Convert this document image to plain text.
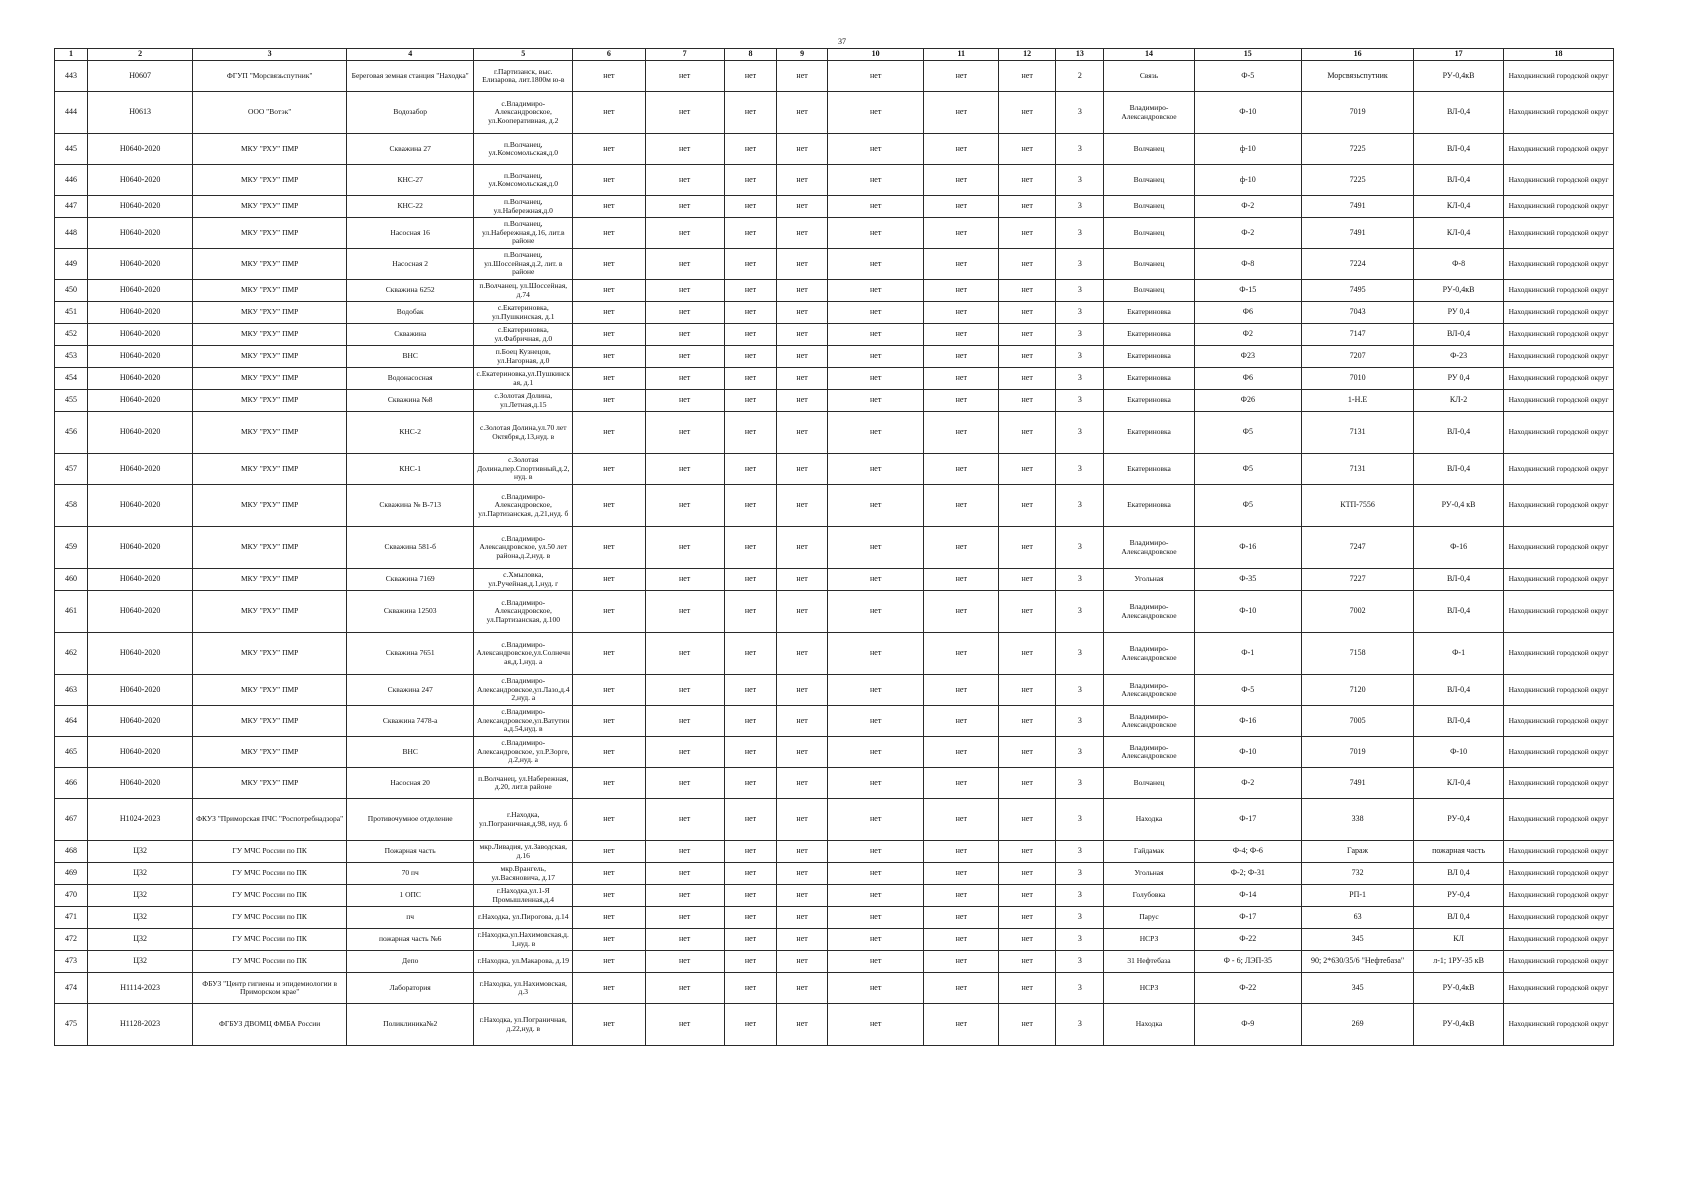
37
1	2	3	4	5	6	7	8	9	10	11	12	13	14	15	16	17	18
443	Н0607	ФГУП "Морсвязьспутник"	Береговая земная станция "Находка"	г.Партизанск, выс. Елизарова, лит.1800м ю-в	нет	нет	нет	нет	нет	нет	нет	2	Связь	Ф-5	Морсвязьспутник	РУ-0,4кВ	Находкинский городской округ
444	Н0613	ООО "Вотэк"	Водозабор	с.Владимиро-Александровское, ул.Кооперативная, д.2	нет	нет	нет	нет	нет	нет	нет	3	Владимиро-Александровское	Ф-10	7019	ВЛ-0,4	Находкинский городской округ
445	Н0640-2020	МКУ "РХУ" ПМР	Скважина 27	п.Волчанец, ул.Комсомольская,д.0	нет	нет	нет	нет	нет	нет	нет	3	Волчанец	ф-10	7225	ВЛ-0,4	Находкинский городской округ
446	Н0640-2020	МКУ "РХУ" ПМР	КНС-27	п.Волчанец, ул.Комсомольская,д.0	нет	нет	нет	нет	нет	нет	нет	3	Волчанец	ф-10	7225	ВЛ-0,4	Находкинский городской округ
447	Н0640-2020	МКУ "РХУ" ПМР	КНС-22	п.Волчанец, ул.Набережная,д.0	нет	нет	нет	нет	нет	нет	нет	3	Волчанец	Ф-2	7491	КЛ-0,4	Находкинский городской округ
448	Н0640-2020	МКУ "РХУ" ПМР	Насосная 16	п.Волчанец, ул.Набережная,д.16, лит.в районе	нет	нет	нет	нет	нет	нет	нет	3	Волчанец	Ф-2	7491	КЛ-0,4	Находкинский городской округ
449	Н0640-2020	МКУ "РХУ" ПМР	Насосная 2	п.Волчанец, ул.Шоссейная,д.2, лит. в районе	нет	нет	нет	нет	нет	нет	нет	3	Волчанец	Ф-8	7224	Ф-8	Находкинский городской округ
450	Н0640-2020	МКУ "РХУ" ПМР	Скважина 6252	п.Волчанец, ул.Шоссейная, д.74	нет	нет	нет	нет	нет	нет	нет	3	Волчанец	Ф-15	7495	РУ-0,4кВ	Находкинский городской округ
451	Н0640-2020	МКУ "РХУ" ПМР	Водобак	с.Екатериновка, ул.Пушкинская, д.1	нет	нет	нет	нет	нет	нет	нет	3	Екатериновка	Ф6	7043	РУ 0,4	Находкинский городской округ
452	Н0640-2020	МКУ "РХУ" ПМР	Скважина	с.Екатериновка, ул.Фабричная, д.0	нет	нет	нет	нет	нет	нет	нет	3	Екатериновка	Ф2	7147	ВЛ-0,4	Находкинский городской округ
453	Н0640-2020	МКУ "РХУ" ПМР	ВНС	п.Боец Кузнецов, ул.Нагорная, д.0	нет	нет	нет	нет	нет	нет	нет	3	Екатериновка	Ф23	7207	Ф-23	Находкинский городской округ
454	Н0640-2020	МКУ "РХУ" ПМР	Водонасосная	с.Екатериновка,ул.Пушкинская, д.1	нет	нет	нет	нет	нет	нет	нет	3	Екатериновка	Ф6	7010	РУ 0,4	Находкинский городской округ
455	Н0640-2020	МКУ "РХУ" ПМР	Скважина №8	с.Золотая Долина, ул.Летная,д.15	нет	нет	нет	нет	нет	нет	нет	3	Екатериновка	Ф26	1-Н.Е	КЛ-2	Находкинский городской округ
456	Н0640-2020	МКУ "РХУ" ПМР	КНС-2	с.Золотая Долина,ул.70 лет Октября,д.13,нуд. в	нет	нет	нет	нет	нет	нет	нет	3	Екатериновка	Ф5	7131	ВЛ-0,4	Находкинский городской округ
457	Н0640-2020	МКУ "РХУ" ПМР	КНС-1	с.Золотая Долина,пер.Спортивный,д.2,нуд. в	нет	нет	нет	нет	нет	нет	нет	3	Екатериновка	Ф5	7131	ВЛ-0,4	Находкинский городской округ
458	Н0640-2020	МКУ "РХУ" ПМР	Скважина № В-713	с.Владимиро-Александровское, ул.Партизанская, д.21,нуд. б	нет	нет	нет	нет	нет	нет	нет	3	Екатериновка	Ф5	КТП-7556	РУ-0,4 кВ	Находкинский городской округ
459	Н0640-2020	МКУ "РХУ" ПМР	Скважина 581-б	с.Владимиро-Александровское, ул.50 лет района,д.2,нуд. в	нет	нет	нет	нет	нет	нет	нет	3	Владимиро-Александровское	Ф-16	7247	Ф-16	Находкинский городской округ
460	Н0640-2020	МКУ "РХУ" ПМР	Скважина 7169	с.Хмыловка, ул.Ручейная,д.1,нуд. г	нет	нет	нет	нет	нет	нет	нет	3	Угольная	Ф-35	7227	ВЛ-0,4	Находкинский городской округ
461	Н0640-2020	МКУ "РХУ" ПМР	Скважина 12503	с.Владимиро-Александровское, ул.Партизанская, д.100	нет	нет	нет	нет	нет	нет	нет	3	Владимиро-Александровское	Ф-10	7002	ВЛ-0,4	Находкинский городской округ
462	Н0640-2020	МКУ "РХУ" ПМР	Скважина 7651	с.Владимиро-Александровское,ул.Солнечная,д.1,нуд. а	нет	нет	нет	нет	нет	нет	нет	3	Владимиро-Александровское	Ф-1	7158	Ф-1	Находкинский городской округ
463	Н0640-2020	МКУ "РХУ" ПМР	Скважина 247	с.Владимиро-Александровское,ул.Лазо,д.42,нуд. а	нет	нет	нет	нет	нет	нет	нет	3	Владимиро-Александровское	Ф-5	7120	ВЛ-0,4	Находкинский городской округ
464	Н0640-2020	МКУ "РХУ" ПМР	Скважина 7478-а	с.Владимиро-Александровское,ул.Ватутина,д.54,нуд. в	нет	нет	нет	нет	нет	нет	нет	3	Владимиро-Александровское	Ф-16	7005	ВЛ-0,4	Находкинский городской округ
465	Н0640-2020	МКУ "РХУ" ПМР	ВНС	с.Владимиро-Александровское, ул.Р.Зорге, д.2,нуд. а	нет	нет	нет	нет	нет	нет	нет	3	Владимиро-Александровское	Ф-10	7019	Ф-10	Находкинский городской округ
466	Н0640-2020	МКУ "РХУ" ПМР	Насосная 20	п.Волчанец, ул.Набережная, д.20, лит.в районе	нет	нет	нет	нет	нет	нет	нет	3	Волчанец	Ф-2	7491	КЛ-0,4	Находкинский городской округ
467	Н1024-2023	ФКУЗ "Приморская ПЧС "Роспотребнадзора"	Противочумное отделение	г.Находка, ул.Пограничная,д.98, нуд. б	нет	нет	нет	нет	нет	нет	нет	3	Находка	Ф-17	338	РУ-0,4	Находкинский городской округ
468	Ц32	ГУ МЧС России по ПК	Пожарная часть	мкр.Ливадия, ул.Заводская, д.16	нет	нет	нет	нет	нет	нет	нет	3	Гайдамак	Ф-4; Ф-6	Гараж	пожарная часть	Находкинский городской округ
469	Ц32	ГУ МЧС России по ПК	70 пч	мкр.Врангель, ул.Васяновича, д.17	нет	нет	нет	нет	нет	нет	нет	3	Угольная	Ф-2; Ф-31	732	ВЛ 0,4	Находкинский городской округ
470	Ц32	ГУ МЧС России по ПК	1 ОПС	г.Находка,ул.1-Я Промышленная,д.4	нет	нет	нет	нет	нет	нет	нет	3	Голубовка	Ф-14	РП-1	РУ-0,4	Находкинский городской округ
471	Ц32	ГУ МЧС России по ПК	пч	г.Находка, ул.Пирогова, д.14	нет	нет	нет	нет	нет	нет	нет	3	Парус	Ф-17	63	ВЛ 0,4	Находкинский городской округ
472	Ц32	ГУ МЧС России по ПК	пожарная часть №6	г.Находка,ул.Нахимовская,д.1,нуд. в	нет	нет	нет	нет	нет	нет	нет	3	НСРЗ	Ф-22	345	КЛ	Находкинский городской округ
473	Ц32	ГУ МЧС России по ПК	Депо	г.Находка, ул.Макарова, д.19	нет	нет	нет	нет	нет	нет	нет	3	31 Нефтебаза	Ф - 6; ЛЭП-35	90; 2*630/35/6 "Нефтебаза"	л-1; 1РУ-35 кВ	Находкинский городской округ
474	Н1114-2023	ФБУЗ "Центр гигиены и эпидемиологии в Приморском крае"	Лаборатория	г.Находка, ул.Нахимовская, д.3	нет	нет	нет	нет	нет	нет	нет	3	НСРЗ	Ф-22	345	РУ-0,4кВ	Находкинский городской округ
475	Н1128-2023	ФГБУЗ ДВОМЦ ФМБА России	Поликлиника№2	г.Находка, ул.Пограничная, д.22,нуд. в	нет	нет	нет	нет	нет	нет	нет	3	Находка	Ф-9	269	РУ-0,4кВ	Находкинский городской округ
